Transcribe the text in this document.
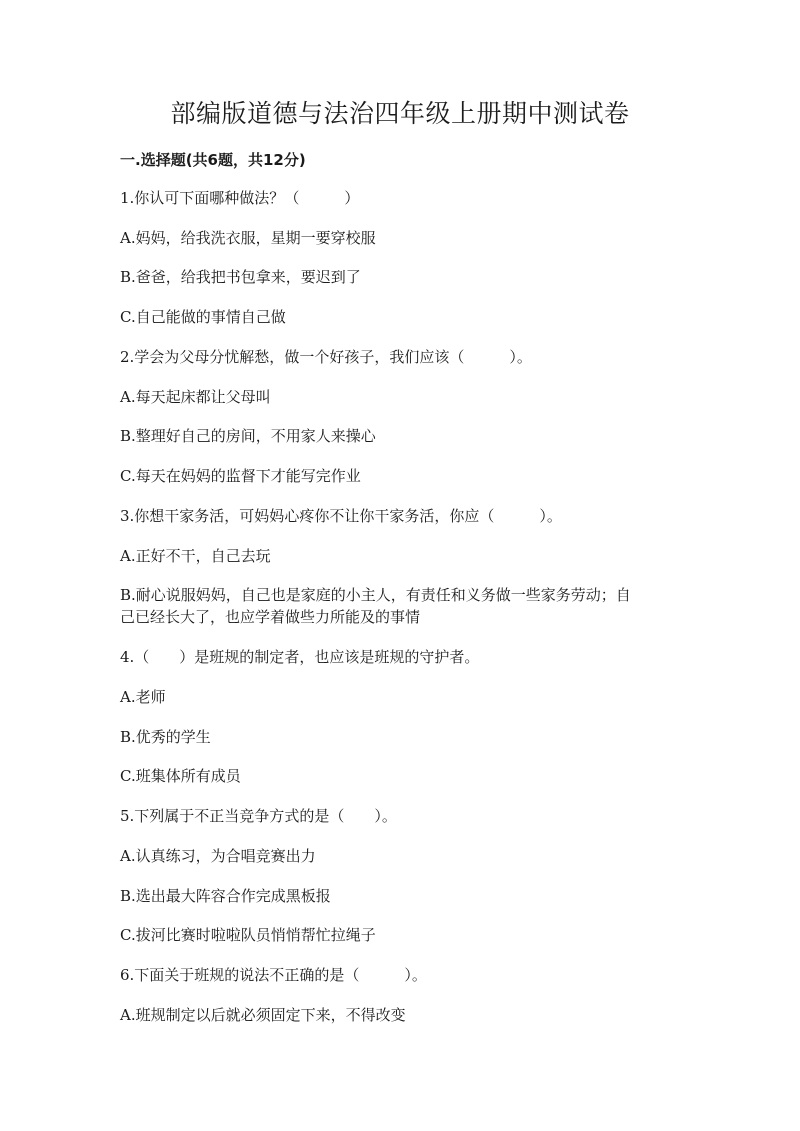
部编版道德与法治四年级上册期中测试卷
一.选择题(共6题，共12分)
1.你认可下面哪种做法？（　　　）
A.妈妈，给我洗衣服，星期一要穿校服
B.爸爸，给我把书包拿来，要迟到了
C.自己能做的事情自己做
2.学会为父母分忧解愁，做一个好孩子，我们应该（　　　）。
A.每天起床都让父母叫
B.整理好自己的房间，不用家人来操心
C.每天在妈妈的监督下才能写完作业
3.你想干家务活，可妈妈心疼你不让你干家务活，你应（　　　）。
A.正好不干，自己去玩
B.耐心说服妈妈，自己也是家庭的小主人，有责任和义务做一些家务劳动；自
己已经长大了，也应学着做些力所能及的事情
4.（　　）是班规的制定者，也应该是班规的守护者。
A.老师
B.优秀的学生
C.班集体所有成员
5.下列属于不正当竞争方式的是（　　）。
A.认真练习，为合唱竞赛出力
B.选出最大阵容合作完成黑板报
C.拔河比赛时啦啦队员悄悄帮忙拉绳子
6.下面关于班规的说法不正确的是（　　　）。
A.班规制定以后就必须固定下来，不得改变
